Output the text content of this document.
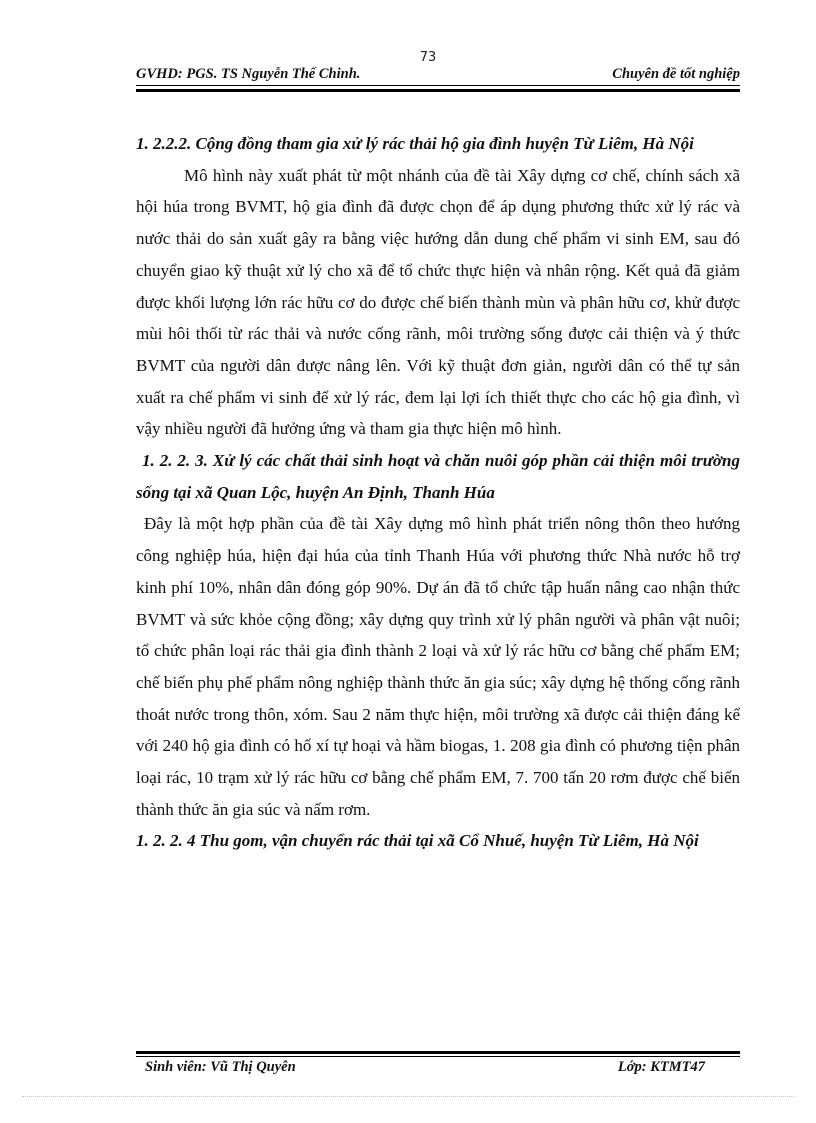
73
GVHD: PGS. TS Nguyễn Thế Chinh.	Chuyên đề tốt nghiệp

1. 2.2.2. Cộng đồng tham gia xử lý rác thải hộ gia đình huyện Từ Liêm, Hà Nội

Mô hình này xuất phát từ một nhánh của đề tài Xây dựng cơ chế, chính sách xã hội húa trong BVMT, hộ gia đình đã được chọn để áp dụng phương thức xử lý rác và nước thải do sản xuất gây ra bằng việc hướng dẫn dung chế phẩm vi sinh EM, sau đó chuyển giao kỹ thuật xử lý cho xã để tổ chức thực hiện và nhân rộng. Kết quả đã giảm được khối lượng lớn rác hữu cơ do được chế biến thành mùn và phân hữu cơ, khử được mùi hôi thối từ rác thải và nước cống rãnh, môi trường sống được cải thiện và ý thức BVMT của người dân được nâng lên. Với kỹ thuật đơn giản, người dân có thể tự sản xuất ra chế phẩm vi sinh để xử lý rác, đem lại lợi ích thiết thực cho các hộ gia đình, vì vậy nhiều người đã hưởng ứng và tham gia thực hiện mô hình.

1. 2. 2. 3. Xử lý các chất thải sinh hoạt và chăn nuôi góp phần cải thiện môi trường sống tại xã Quan Lộc, huyện An Định, Thanh Húa

Đây là một hợp phần của đề tài Xây dựng mô hình phát triển nông thôn theo hướng công nghiệp húa, hiện đại húa của tỉnh Thanh Húa với phương thức Nhà nước hỗ trợ kinh phí 10%, nhân dân đóng góp 90%. Dự án đã tổ chức tập huấn nâng cao nhận thức BVMT và sức khỏe cộng đồng; xây dựng quy trình xử lý phân người và phân vật nuôi; tổ chức phân loại rác thải gia đình thành 2 loại và xử lý rác hữu cơ bằng chế phẩm EM; chế biến phụ phế phẩm nông nghiệp thành thức ăn gia súc; xây dựng hệ thống cống rãnh thoát nước trong thôn, xóm. Sau 2 năm thực hiện, môi trường xã được cải thiện đáng kể với 240 hộ gia đình có hố xí tự hoại và hầm biogas, 1. 208 gia đình có phương tiện phân loại rác, 10 trạm xử lý rác hữu cơ bằng chế phẩm EM, 7. 700 tấn 20 rơm được chế biến thành thức ăn gia súc và nấm rơm.

1. 2. 2. 4 Thu gom, vận chuyển rác thải tại xã Cổ Nhuế, huyện Từ Liêm, Hà Nội

Sinh viên: Vũ Thị Quyên	Lớp: KTMT47
